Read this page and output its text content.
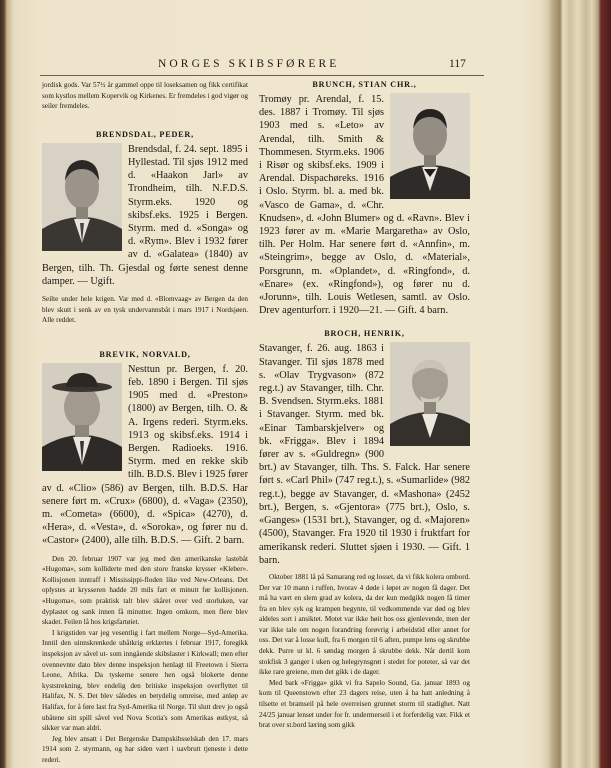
NORGES SKIBSFØRERE	117

jordisk gods. Var 57½ år gammel oppe til loseksamen og fikk certifikat som kystlos mellem Kopervik og Kirkenes. Er fremdeles i god vigør og seiler fremdeles.

BRENDSDAL, PEDER,

Brendsdal, f. 24. sept. 1895 i Hyllestad. Til sjøs 1912 med d. «Haakon Jarl» av Trondheim, tilh. N.F.D.S. Styrm.eks. 1920 og skibsf.eks. 1925 i Bergen. Styrm. med d. «Songa» og d. «Rym». Blev i 1932 fører av d. «Galatea» (1840) av Bergen, tilh. Th. Gjesdal og førte senest denne damper. — Ugift.

Seilte under hele krigen. Var med d. «Blomvaag» av Bergen da den blev skutt i senk av en tysk undervannsbåt i mars 1917 i Nordsjøen. Alle reddet.

BREVIK, NORVALD,

Nesttun pr. Bergen, f. 20. feb. 1890 i Bergen. Til sjøs 1905 med d. «Preston» (1800) av Bergen, tilh. O. & A. Irgens rederi. Styrm.eks. 1913 og skibsf.eks. 1914 i Bergen. Radioeks. 1916. Styrm. med en rekke skib tilh. B.D.S. Blev i 1925 fører av d. «Clio» (586) av Bergen, tilh. B.D.S. Har senere ført m. «Crux» (6800), d. «Vaga» (2350), m. «Cometa» (6600), d. «Spica» (4270), d. «Hera», d. «Vesta», d. «Soroka», og fører nu d. «Castor» (2400), alle tilh. B.D.S. — Gift. 2 barn.

Den 20. februar 1907 var jeg med den amerikanske lastebåt «Hugoma», som kolliderte med den store franske krysser «Kleber». Kollisjonen inntraff i Mississippi-floden like ved New-Orleans. Det oplystes at krysseren hadde 20 mils fart et minutt før kollisjonen. «Hugoma», som praktisk talt blev skåret over ved storluken, var dyplastet og sank innen få minutter. Ingen omkom, men flere blev skadet. Feilen lå hos krigsfartøiet.

I krigstiden var jeg vesentlig i fart mellem Norge—Syd-Amerika. Inntil den uinnskrenkede ubåtkrig erklærtes i februar 1917, foregikk inspeksjon av såvel ut- som inngående skibslaster i Kirkwall; men efter ovennevnte dato blev denne inspeksjon henlagt til Freetown i Sierra Leone, Afrika. Da tyskerne senere hen også blokerte denne kyststrekning, blev endelig den britiske inspeksjon overflyttet til Halifax, N. S. Det blev således en betydelig omreise, med anløp av Halifax, for å føre last fra Syd-Amerika til Norge. Til slutt drev jo også ubåtene sitt spill såvel ved Nova Scotia's som Amerikas østkyst, så sikker var man aldri.

Jeg blev ansatt i Det Bergenske Dampskibsselskab den 17. mars 1914 som 2. styrmann, og har siden vært i uavbrutt tjeneste i dette rederi.

BRUNCH, STIAN CHR.,

Tromøy pr. Arendal, f. 15. des. 1887 i Tromøy. Til sjøs 1903 med s. «Leto» av Arendal, tilh. Smith & Thommesen. Styrm.eks. 1906 i Risør og skibsf.eks. 1909 i Arendal. Dispachøreks. 1916 i Oslo. Styrm. bl. a. med bk. «Vasco de Gama», d. «Chr. Knudsen», d. «John Blumer» og d. «Ravn». Blev i 1923 fører av m. «Marie Margaretha» av Oslo, tilh. Per Holm. Har senere ført d. «Annfin», m. «Steingrim», begge av Oslo, d. «Material», Porsgrunn, m. «Oplandet», d. «Ringfond», d. «Enare» (ex. «Ringfond»), og fører nu d. «Jorunn», tilh. Louis Wetlesen, samtl. av Oslo. Drev agenturforr. i 1920—21. — Gift. 4 barn.

BROCH, HENRIK,

Stavanger, f. 26. aug. 1863 i Stavanger. Til sjøs 1878 med s. «Olav Trygvason» (872 reg.t.) av Stavanger, tilh. Chr. B. Svendsen. Styrm.eks. 1881 i Stavanger. Styrm. med bk. «Einar Tambarskjelver» og bk. «Frigga». Blev i 1894 fører av s. «Guldregn» (900 brt.) av Stavanger, tilh. Ths. S. Falck. Har senere ført s. «Carl Phil» (747 reg.t.), s. «Sumarlide» (982 reg.t.), begge av Stavanger, d. «Mashona» (2452 brt.), Bergen, s. «Gjentora» (775 brt.), Oslo, s. «Ganges» (1531 brt.), Stavanger, og d. «Majoren» (4500), Stavanger. Fra 1920 til 1930 i fruktfart for amerikansk rederi. Sluttet sjøen i 1930. — Gift. 1 barn.

Oktober 1881 lå på Samarang red og losset, da vi fikk kolera ombord. Der var 10 mann i ruffen, hvorav 4 døde i løpet av nogen få dager. Det må ha vært en slem grad av kolera, da der kun medgikk nogen få timer fra en blev syk og krampen begynte, til vedkommende var død og blev aldeles sort i ansiktet. Motet var ikke høit hos oss gjenlevende, men der var ikke tale om nogen forandring forøvrig i arbeidstid eller annet for oss. Det var å losse kull, fra 6 morgen til 6 aften, pumpe lens og skrubbe dekk. Purre ut kl. 6 søndag morgen å skrubbe dekk. Når dertil kom stokfisk 3 ganger i uken og helegrynsgrøt i stedet for poteter, så var det ikke rare greiene, men det gikk i de dager.

Med bark «Frigga» gikk vi fra Sapelo Sound, Ga. januar 1893 og kom til Queenstown efter 23 dagers reise, uten å ha hatt anledning å tilsette et bramseil på hele overreisen grunnet storm til stadighet. Natt 24/25 januar lenset under for fr. undermerseil i et forferdelig vær. Fikk et brat over st.bord læring som gikk
